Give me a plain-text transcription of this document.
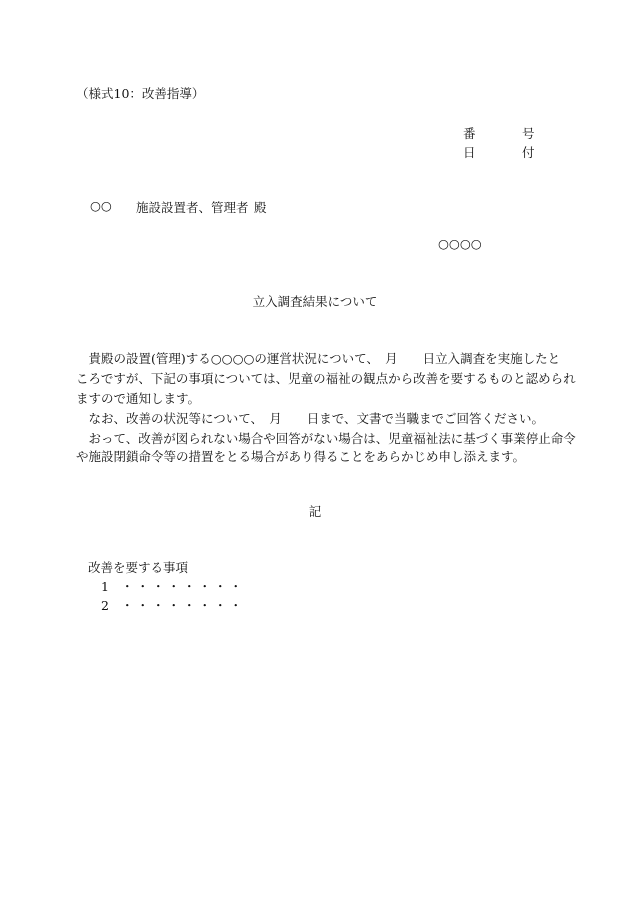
（様式10：改善指導）
番	号
日	付
○○ 施設設置者、管理者 殿
○○○○
立入調査結果について
　貴殿の設置(管理)する○○○○の運営状況について、　月　　日立入調査を実施したと
ころですが、下記の事項については、児童の福祉の観点から改善を要するものと認められ
ますので通知します。
　なお、改善の状況等について、　月　　日まで、文書で当職までご回答ください。
　おって、改善が図られない場合や回答がない場合は、児童福祉法に基づく事業停止命令
や施設閉鎖命令等の措置をとる場合があり得ることをあらかじめ申し添えます。
記
改善を要する事項
1 ・・・・・・・・
2 ・・・・・・・・
